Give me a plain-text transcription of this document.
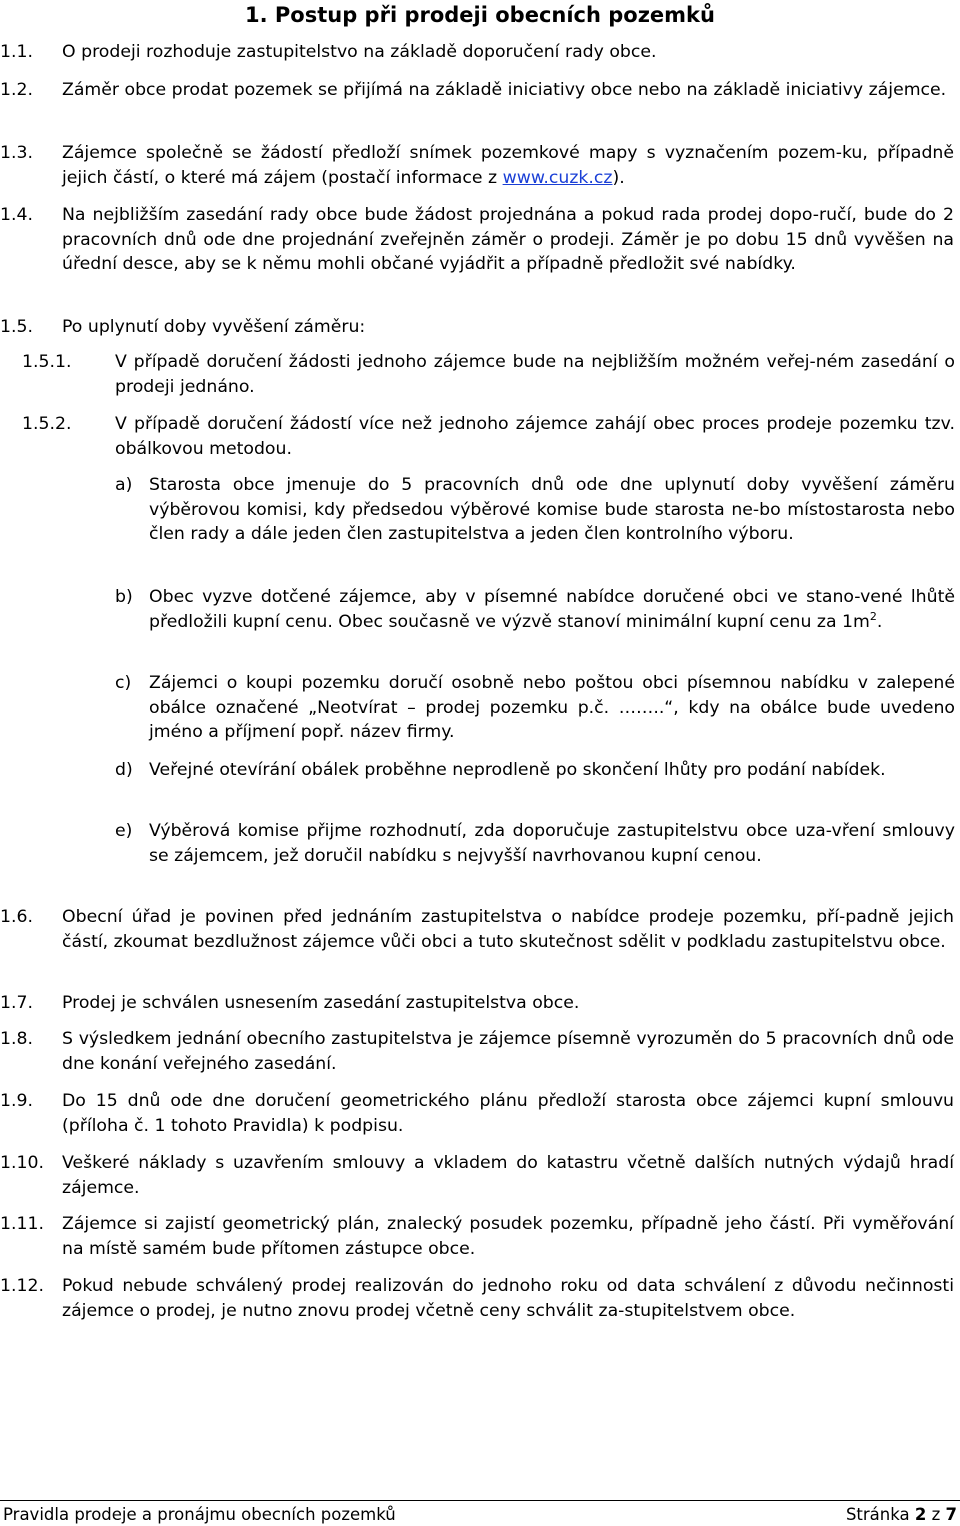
1. Postup při prodeji obecních pozemků
1.1. O prodeji rozhoduje zastupitelstvo na základě doporučení rady obce.
1.2. Záměr obce prodat pozemek se přijímá na základě iniciativy obce nebo na základě iniciativy zájemce.
1.3. Zájemce společně se žádostí předloží snímek pozemkové mapy s vyznačením pozem-ku, případně jejich částí, o které má zájem (postačí informace z www.cuzk.cz).
1.4. Na nejbližším zasedání rady obce bude žádost projednána a pokud rada prodej dopo-ručí, bude do 2 pracovních dnů ode dne projednání zveřejněn záměr o prodeji. Záměr je po dobu 15 dnů vyvěšen na úřední desce, aby se k němu mohli občané vyjádřit a případně předložit své nabídky.
1.5. Po uplynutí doby vyvěšení záměru:
1.5.1.	V případě doručení žádosti jednoho zájemce bude na nejbližším možném veřej-ném zasedání o prodeji jednáno.
1.5.2.	V případě doručení žádostí více než jednoho zájemce zahájí obec proces prodeje pozemku tzv. obálkovou metodou.
a) Starosta obce jmenuje do 5 pracovních dnů ode dne uplynutí doby vyvěšení záměru výběrovou komisi, kdy předsedou výběrové komise bude starosta ne-bo místostarosta nebo člen rady a dále jeden člen zastupitelstva a jeden člen kontrolního výboru.
b) Obec vyzve dotčené zájemce, aby v písemné nabídce doručené obci ve stano-vené lhůtě předložili kupní cenu. Obec současně ve výzvě stanoví minimální kupní cenu za $1m^2$.
c) Zájemci o koupi pozemku doručí osobně nebo poštou obci písemnou nabídku v zalepené obálce označené „Neotvírat – prodej pozemku p.č. ……..“, kdy na obálce bude uvedeno jméno a příjmení popř. název firmy.
d) Veřejné otevírání obálek proběhne neprodleně po skončení lhůty pro podání nabídek.
e) Výběrová komise přijme rozhodnutí, zda doporučuje zastupitelstvu obce uza-vření smlouvy se zájemcem, jež doručil nabídku s nejvyšší navrhovanou kupní cenou.
1.6. Obecní úřad je povinen před jednáním zastupitelstva o nabídce prodeje pozemku, pří-padně jejich částí, zkoumat bezdlužnost zájemce vůči obci a tuto skutečnost sdělit v podkladu zastupitelstvu obce.
1.7. Prodej je schválen usnesením zasedání zastupitelstva obce.
1.8. S výsledkem jednání obecního zastupitelstva je zájemce písemně vyrozuměn do 5 pracovních dnů ode dne konání veřejného zasedání.
1.9. Do 15 dnů ode dne doručení geometrického plánu předloží starosta obce zájemci kupní smlouvu (příloha č. 1 tohoto Pravidla) k podpisu.
1.10. Veškeré náklady s uzavřením smlouvy a vkladem do katastru včetně dalších nutných výdajů hradí zájemce.
1.11. Zájemce si zajistí geometrický plán, znalecký posudek pozemku, případně jeho částí. Při vyměřování na místě samém bude přítomen zástupce obce.
1.12. Pokud nebude schválený prodej realizován do jednoho roku od data schválení z důvodu nečinnosti zájemce o prodej, je nutno znovu prodej včetně ceny schválit za-stupitelstvem obce.
Pravidla prodeje a pronájmu obecních pozemků	Stránka 2 z 7
